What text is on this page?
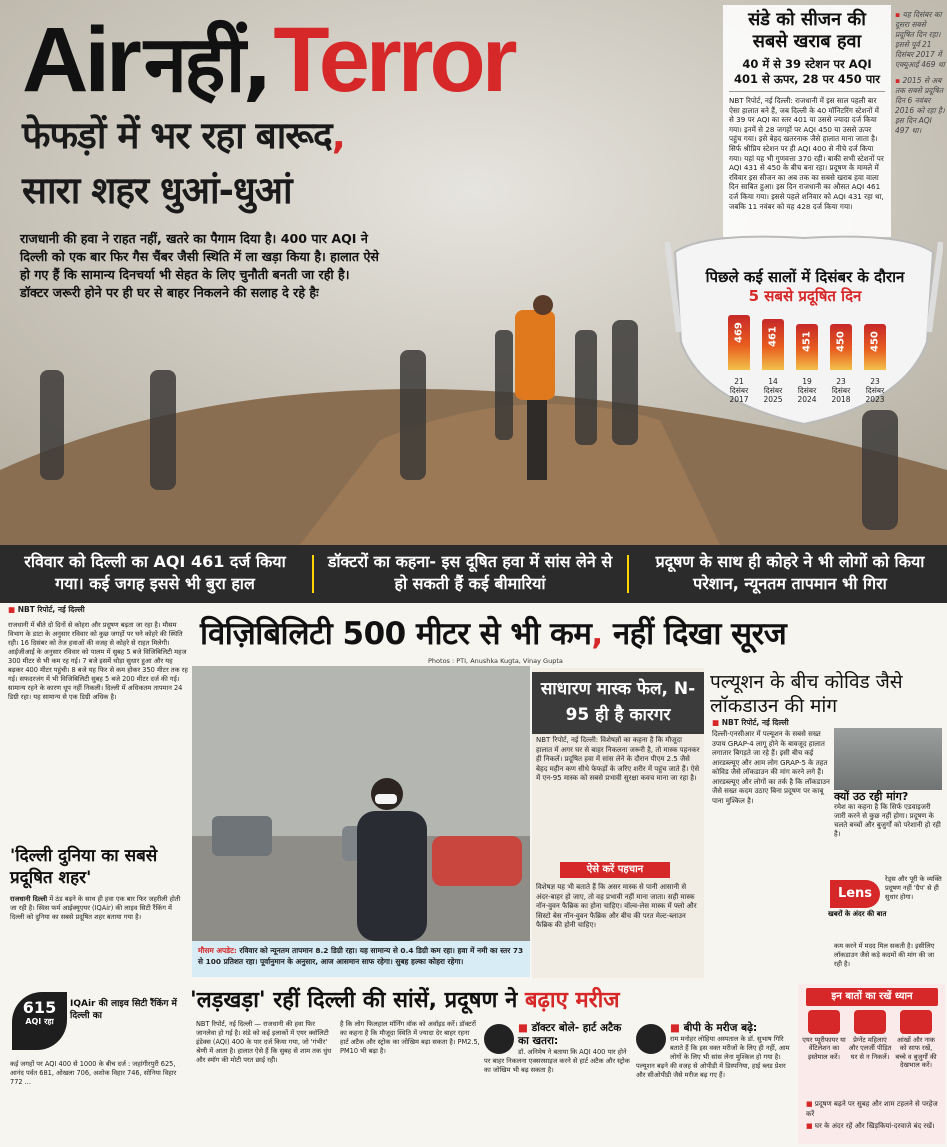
Air नहीं, Terror
फेफड़ों में भर रहा बारूद,
सारा शहर धुआं-धुआं
राजधानी की हवा ने राहत नहीं, खतरे का पैगाम दिया है। 400 पार AQI ने दिल्ली को एक बार फिर गैस चैंबर जैसी स्थिति में ला खड़ा किया है। हालात ऐसे हो गए हैं कि सामान्य दिनचर्या भी सेहत के लिए चुनौती बनती जा रही है। डॉक्टर जरूरी होने पर ही घर से बाहर निकलने की सलाह दे रहे हैः
संडे को सीजन की सबसे खराब हवा
40 में से 39 स्टेशन पर AQI 401 से ऊपर, 28 पर 450 पार
NBT रिपोर्ट, नई दिल्ली: राजधानी में इस साल पहली बार ऐसा हालात बने हैं, जब दिल्ली के 40 मॉनिटरिंग स्टेशनों में से 39 पर AQI का स्तर 401 या उससे ज्यादा दर्ज किया गया। इनमें से 28 जगहों पर AQI 450 या उससे ऊपर पहुंच गया। इसे बेहद खतरनाक जैसे हालात माना जाता है। सिर्फ श्रीप्रिय स्टेशन पर ही AQI 400 से नीचे दर्ज किया गया। यहां यह भी गुणवत्ता 370 रही। बाकी सभी स्टेशनों पर AQI 431 से 450 के बीच बना रहा। प्रदूषण के मामले में रविवार इस सीजन का अब तक का सबसे खराब हवा वाला दिन साबित हुआ। इस दिन राजधानी का औसत AQI 461 दर्ज किया गया। इससे पहले शनिवार को AQI 431 रहा था, जबकि 11 नवंबर को यह 428 दर्ज किया गया।

▪ यह दिसंबर का दूसरा सबसे प्रदूषित दिन रहा। इससे पूर्व 21 दिसंबर 2017 में एक्यूआई 469 था

▪ 2015 से अब तक सबसे प्रदूषित दिन 6 नवंबर 2016 को रहा है। इस दिन AQI 497 था।

पिछले कई सालों में दिसंबर के दौरान 5 सबसे प्रदूषित दिन
469
21 दिसंबर 2017
461
14 दिसंबर 2025
451
19 दिसंबर 2024
450
23 दिसंबर 2018
450
23 दिसंबर 2023
रविवार को दिल्ली का AQI 461 दर्ज किया गया। कई जगह इससे भी बुरा हाल
डॉक्टरों का कहना- इस दूषित हवा में सांस लेने से हो सकती हैं कई बीमारियां
प्रदूषण के साथ ही कोहरे ने भी लोगों को किया परेशान, न्यूनतम तापमान भी गिरा
■ NBT रिपोर्ट, नई दिल्ली
राजधानी में बीते दो दिनों से कोहरा और प्रदूषण बढ़ता जा रहा है। मौसम विभाग के डाटा के अनुसार रविवार को कुछ जगहों पर घने कोहरे की स्थिति रही। 16 दिसंबर को तेज हवाओं की वजह से कोहरे से राहत मिलेगी। आईजीआई के अनुसार रविवार को पालम में सुबह 5 बजे विजिबिलिटी महज 300 मीटर से भी कम रह गई। 7 बजे इसमें थोड़ा सुधार हुआ और यह बढ़कर 400 मीटर पहुंची। 8 बजे यह फिर से कम होकर 350 मीटर तक रह गई। सफदरजंग में भी विजिबिलिटी सुबह 5 बजे 200 मीटर दर्ज की गई। सामान्य रहने के कारण धूप नहीं निकली। दिल्ली में अधिकतम तापमान 24 डिग्री रहा। यह सामान्य से एक डिग्री अधिक है।
'दिल्ली दुनिया का सबसे प्रदूषित शहर'
राजधानी दिल्ली में ठंड बढ़ने के साथ ही हवा एक बार फिर जहरीली होती जा रही है। स्विस फर्म आईक्यूएयर (IQAir) की लाइव सिटी रैंकिंग में दिल्ली को दुनिया का सबसे प्रदूषित शहर बताया गया है।
615
AQI रहा
IQAir की लाइव सिटी रैंकिंग में दिल्ली का
कई जगहों पर AQI 400 से 1000 के बीच दर्ज : जहांगीरपुरी 625, आनंद पर्वत 681, ओखला 706, अशोक विहार 746, सोनिया विहार 772 ...
विज़िबिलिटी 500 मीटर से भी कम, नहीं दिखा सूरज
Photos : PTI, Anushka Kugta, Vinay Gupta
मौसम अपडेट: रविवार को न्यूनतम तापमान 8.2 डिग्री रहा। यह सामान्य से 0.4 डिग्री कम रहा। हवा में नमी का स्तर 73 से 100 प्रतिशत रहा। पूर्वानुमान के अनुसार, आज आसमान साफ रहेगा। सुबह हल्का कोहरा रहेगा।
साधारण मास्क फेल, N-95 ही है कारगर
NBT रिपोर्ट, नई दिल्ली: विशेषज्ञों का कहना है कि मौजूदा हालात में अगर घर से बाहर निकलना जरूरी है, तो मास्क पहनकर ही निकलें। प्रदूषित हवा में सांस लेने के दौरान पीएम 2.5 जैसे बेहद महीन कण सीधे फेफड़ों के जरिए शरीर में पहुंच जाते हैं। ऐसे में एन-95 मास्क को सबसे प्रभावी सुरक्षा कवच माना जा रहा है।
ऐसे करें पहचान
विशेषज्ञ यह भी बताते हैं कि असर मास्क से पानी आसानी से अंदर-बाहर हो जाए, तो वह प्रभावी नहीं माना जाता। सही मास्क नॉन-वुवन फैब्रिक का होना चाहिए। वॉल्व-लेस मास्क में फ्लो और सिस्टो बेस नॉन-वुवन फैब्रिक और बीच की परत मेल्ट-ब्लाउन फैब्रिक की होनी चाहिए।
पल्यूशन के बीच कोविड जैसे लॉकडाउन की मांग
■ NBT रिपोर्ट, नई दिल्ली
दिल्ली-एनसीआर में पल्यूशन के सबसे सख्त उपाय GRAP-4 लागू होने के बावजूद हालात लगातार बिगड़ते जा रहे हैं। इसी बीच कई आरडब्ल्यूए और आम लोग GRAP-5 के तहत कोविड जैसे लॉकडाउन की मांग करने लगे हैं। आरडब्ल्यूए और लोगों का तर्क है कि लॉकडाउन जैसे सख्त कदम उठाए बिना प्रदूषण पर काबू पाना मुश्किल है।	क्यों उठ रही मांग?
रमेश का कहना है कि सिर्फ एडवाइजरी जारी करने से कुछ नहीं होगा। प्रदूषण के चलते बच्चों और बुजुर्गों को परेशानी हो रही है।
Lens
खबरों के अंदर की बात
रेड्स और पूरी के व्यक्ति प्रदूषण नहीं 'ग्रैप' से ही सुधार होगा।
कम करने में मदद मिल सकती है। इसीलिए लॉकडाउन जैसे कड़े कदमों की मांग की जा रही है।
'लड़खड़ा' रहीं दिल्ली की सांसें, प्रदूषण ने बढ़ाए मरीज
NBT रिपोर्ट, नई दिल्ली — राजधानी की हवा फिर जानलेवा हो गई है। संडे को कई इलाकों में एयर क्वॉलिटी इंडेक्स (AQI) 400 के पार दर्ज किया गया, जो 'गंभीर' श्रेणी में आता है। हालात ऐसे हैं कि सुबह से शाम तक धुंध और स्मॉग की मोटी परत छाई रही।
है कि लोग फिलहाल मॉर्निंग वॉक को अवॉइड करें। डॉक्टरों का कहना है कि मौजूदा स्थिति में ज्यादा देर बाहर रहना हार्ट अटैक और स्ट्रोक का जोखिम बढ़ा सकता है। PM2.5, PM10 भी बढ़ा है।
■ डॉक्टर बोले- हार्ट अटैक का खतरा:
डॉ. अनिमेष ने बताया कि AQI 400 पार होने पर बाहर निकलना एक्सरसाइज करने से हार्ट अटैक और स्ट्रोक का जोखिम भी बढ़ सकता है।
■ बीपी के मरीज बढ़े:
राम मनोहर लोहिया अस्पताल के डॉ. सुभाष गिरि बताते हैं कि इस वक्त मरीजों के लिए ही नहीं, आम लोगों के लिए भी सांस लेना मुश्किल हो गया है। पल्यूशन बढ़ने की वजह से ओपीडी में डिस्पनिया, हाई ब्लड प्रेशर और सीओपीडी जैसे मरीज बढ़ गए हैं।
इन बातों का रखें ध्यान
एयर प्यूरीफायर या वेंटिलेशन का इस्तेमाल करें।
प्रेग्नेंट महिलाएं और एलर्जी पीड़ित घर से न निकलें।
आंखों और नाक को साफ रखें, बच्चे व बुजुर्गों की देखभाल करें।
■ प्रदूषण बढ़ने पर सुबह और शाम टहलने से परहेज करें
■ घर के अंदर रहें और खिड़कियां-दरवाजे बंद रखें।
